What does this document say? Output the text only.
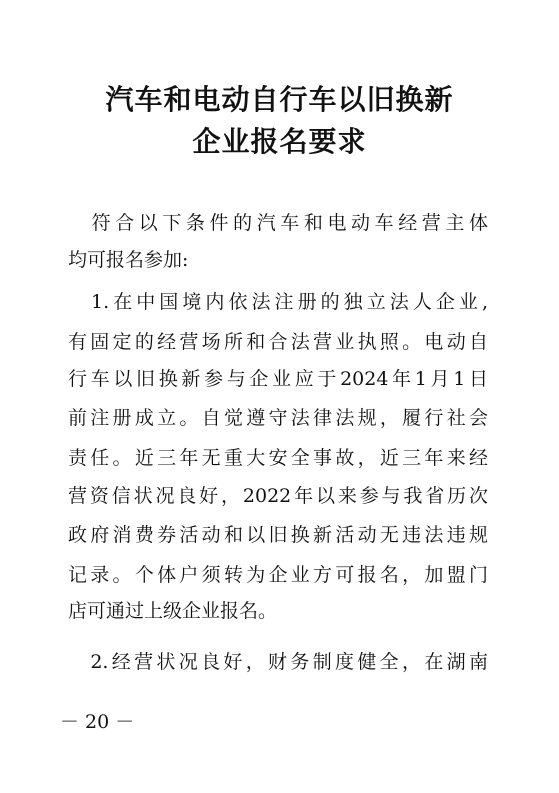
汽车和电动自行车以旧换新
企业报名要求
　符合以下条件的汽车和电动车经营主体
均可报名参加:
　1.在中国境内依法注册的独立法人企业,
有固定的经营场所和合法营业执照。电动自
行车以旧换新参与企业应于2024年1月1日
前注册成立。自觉遵守法律法规，履行社会
责任。近三年无重大安全事故，近三年来经
营资信状况良好，2022年以来参与我省历次
政府消费券活动和以旧换新活动无违法违规
记录。个体户须转为企业方可报名，加盟门
店可通过上级企业报名。
　2.经营状况良好，财务制度健全，在湖南
－ 20 －
